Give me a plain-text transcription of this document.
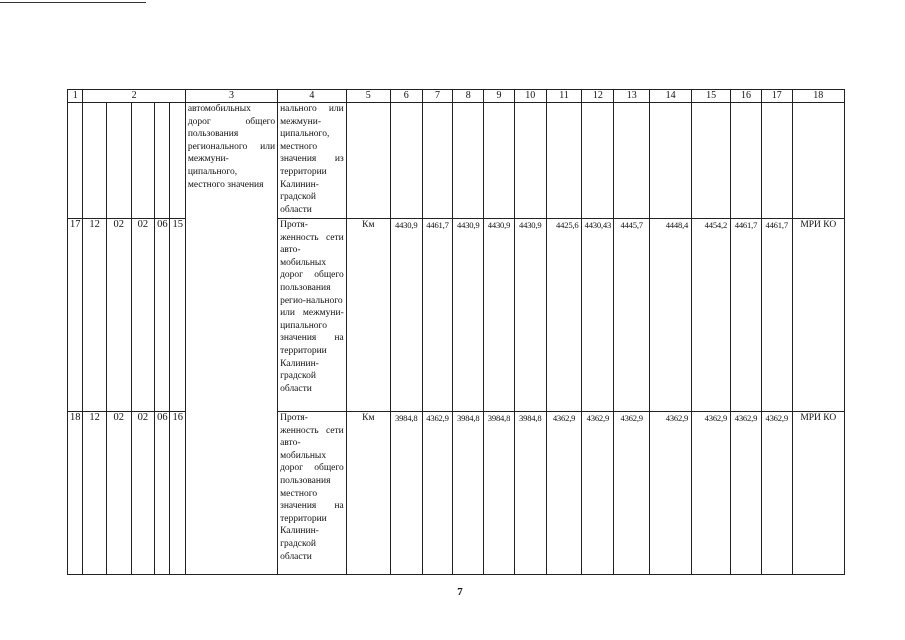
1	2					3	4	5	6	7	8	9	10	11	12	13	14	15	16	17	18
						автомобильных дорог общего пользования регионального или межмуни-ципального, местного значения	нального или межмуни-ципального, местного значения из территории Калинин-градской области														
17	12	02	02	06	15		Протя-женность сети авто-мобильных дорог общего пользования регио-нального или межмуни-ципального значения на территории Калинин-градской области	Км	4430,9	4461,7	4430,9	4430,9	4430,9	4425,6	4430,43	4445,7	4448,4	4454,2	4461,7	4461,7	МРИ КО
18	12	02	02	06	16		Протя-женность сети авто-мобильных дорог общего пользования местного значения на территории Калинин-градской области	Км	3984,8	4362,9	3984,8	3984,8	3984,8	4362,9	4362,9	4362,9	4362,9	4362,9	4362,9	4362,9	МРИ КО
7
